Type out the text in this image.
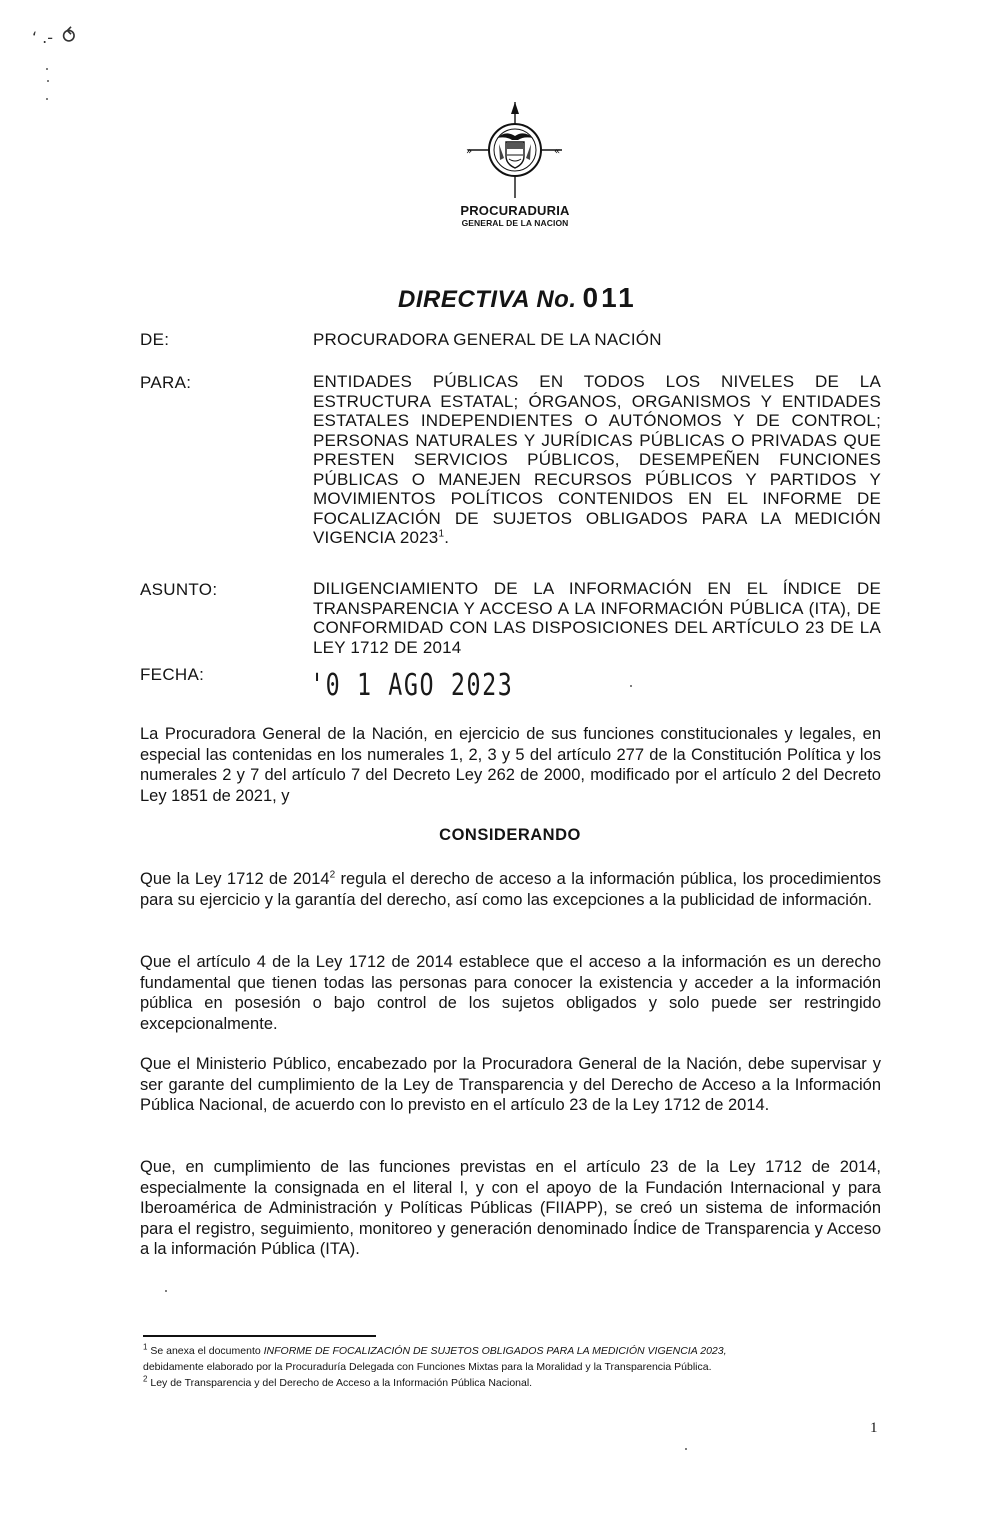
‘ .- ⥀
»	«
PROCURADURIA
GENERAL DE LA NACION
DIRECTIVA No. 011
DE:	PROCURADORA GENERAL DE LA NACIÓN
PARA:	ENTIDADES PÚBLICAS EN TODOS LOS NIVELES DE LA ESTRUCTURA ESTATAL; ÓRGANOS, ORGANISMOS Y ENTIDADES ESTATALES INDEPENDIENTES O AUTÓNOMOS Y DE CONTROL; PERSONAS NATURALES Y JURÍDICAS PÚBLICAS O PRIVADAS QUE PRESTEN SERVICIOS PÚBLICOS, DESEMPEÑEN FUNCIONES PÚBLICAS O MANEJEN RECURSOS PÚBLICOS Y PARTIDOS Y MOVIMIENTOS POLÍTICOS CONTENIDOS EN EL INFORME DE FOCALIZACIÓN DE SUJETOS OBLIGADOS PARA LA MEDICIÓN VIGENCIA 2023$^1$.
ASUNTO:	DILIGENCIAMIENTO DE LA INFORMACIÓN EN EL ÍNDICE DE TRANSPARENCIA Y ACCESO A LA INFORMACIÓN PÚBLICA (ITA), DE CONFORMIDAD CON LAS DISPOSICIONES DEL ARTÍCULO 23 DE LA LEY 1712 DE 2014
FECHA:	'0 1 AGO 2023
La Procuradora General de la Nación, en ejercicio de sus funciones constitucionales y legales, en especial las contenidas en los numerales 1, 2, 3 y 5 del artículo 277 de la Constitución Política y los numerales 2 y 7 del artículo 7 del Decreto Ley 262 de 2000, modificado por el artículo 2 del Decreto Ley 1851 de 2021, y
CONSIDERANDO
Que la Ley 1712 de 2014$^2$ regula el derecho de acceso a la información pública, los procedimientos para su ejercicio y la garantía del derecho, así como las excepciones a la publicidad de información.
Que el artículo 4 de la Ley 1712 de 2014 establece que el acceso a la información es un derecho fundamental que tienen todas las personas para conocer la existencia y acceder a la información pública en posesión o bajo control de los sujetos obligados y solo puede ser restringido excepcionalmente.
Que el Ministerio Público, encabezado por la Procuradora General de la Nación, debe supervisar y ser garante del cumplimiento de la Ley de Transparencia y del Derecho de Acceso a la Información Pública Nacional, de acuerdo con lo previsto en el artículo 23 de la Ley 1712 de 2014.
Que, en cumplimiento de las funciones previstas en el artículo 23 de la Ley 1712 de 2014, especialmente la consignada en el literal l, y con el apoyo de la Fundación Internacional y para Iberoamérica de Administración y Políticas Públicas (FIIAPP), se creó un sistema de información para el registro, seguimiento, monitoreo y generación denominado Índice de Transparencia y Acceso a la información Pública (ITA).
$^1$ Se anexa el documento INFORME DE FOCALIZACIÓN DE SUJETOS OBLIGADOS PARA LA MEDICIÓN VIGENCIA 2023,
debidamente elaborado por la Procuraduría Delegada con Funciones Mixtas para la Moralidad y la Transparencia Pública.
$^2$ Ley de Transparencia y del Derecho de Acceso a la Información Pública Nacional.
1
